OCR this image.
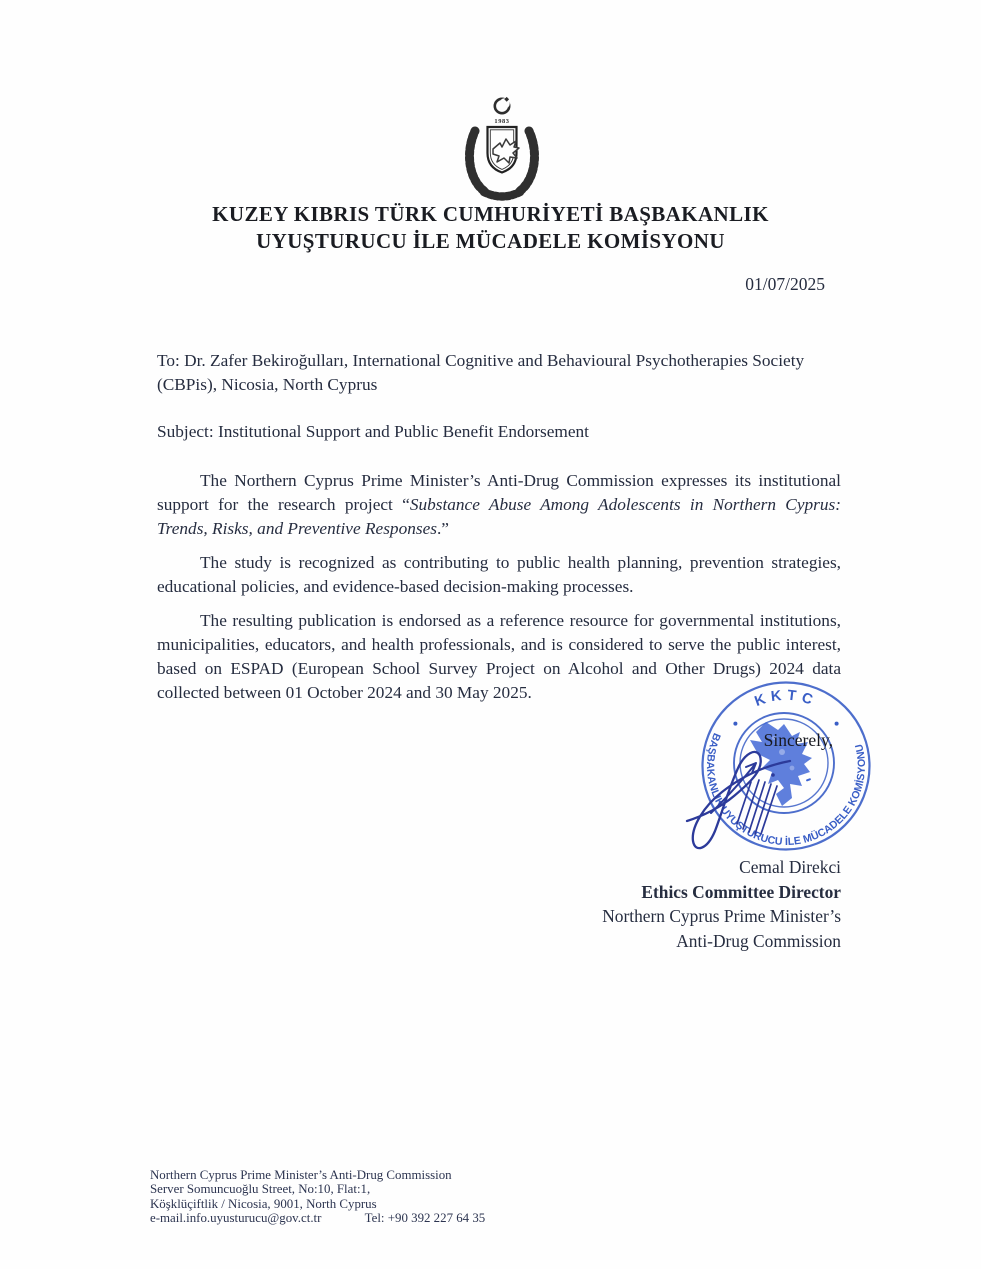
1983
KUZEY KIBRIS TÜRK CUMHURİYETİ BAŞBAKANLIK
UYUŞTURUCU İLE MÜCADELE KOMİSYONU
01/07/2025
To: Dr. Zafer Bekiroğulları, International Cognitive and Behavioural Psychotherapies Society (CBPis), Nicosia, North Cyprus
Subject: Institutional Support and Public Benefit Endorsement

The Northern Cyprus Prime Minister’s Anti-Drug Commission expresses its institutional support for the research project “Substance Abuse Among Adolescents in Northern Cyprus: Trends, Risks, and Preventive Responses.”

The study is recognized as contributing to public health planning, prevention strategies, educational policies, and evidence-based decision-making processes.

The resulting publication is endorsed as a reference resource for governmental institutions, municipalities, educators, and health professionals, and is considered to serve the public interest, based on ESPAD (European School Survey Project on Alcohol and Other Drugs) 2024 data collected between 01 October 2024 and 30 May 2025.	KKTC
BAŞBAKANLIK UYUŞTURUCU İLE MÜCADELE KOMİSYONU
Sincerely,
Cemal Direkci
Ethics Committee Director
Northern Cyprus Prime Minister’s
Anti-Drug Commission
Northern Cyprus Prime Minister’s Anti-Drug Commission
Server Somuncuoğlu Street, No:10, Flat:1,
Köşklüçiftlik / Nicosia, 9001, North Cyprus
e-mail.info.uyusturucu@gov.ct.tr	Tel: +90 392 227 64 35
